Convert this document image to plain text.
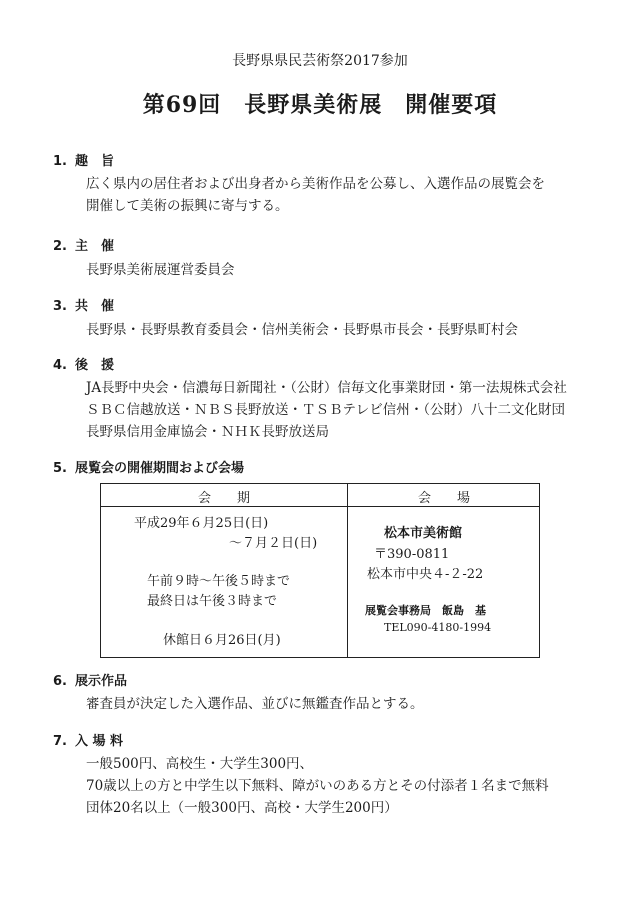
長野県県民芸術祭2017参加
第69回　長野県美術展　開催要項
1. 趣　旨
広く県内の居住者および出身者から美術作品を公募し、入選作品の展覧会を
開催して美術の振興に寄与する。
2. 主　催
長野県美術展運営委員会
3. 共　催
長野県・長野県教育委員会・信州美術会・長野県市長会・長野県町村会
4. 後　援
JA長野中央会・信濃毎日新聞社・（公財）信毎文化事業財団・第一法規株式会社
ＳＢＣ信越放送・ＮＢＳ長野放送・ＴＳＢテレビ信州・（公財）八十二文化財団
長野県信用金庫協会・ＮＨＫ長野放送局
5. 展覧会の開催期間および会場
会　　期	会　　場
平成29年６月25日(日)
～７月２日(日)
午前９時～午後５時まで
最終日は午後３時まで
休館日６月26日(月)
松本市美術館
〒390-0811
松本市中央４-２-22
展覧会事務局　飯島　基
TEL090-4180-1994
6. 展示作品
審査員が決定した入選作品、並びに無鑑査作品とする。
7. 入 場 料
一般500円、高校生・大学生300円、
70歳以上の方と中学生以下無料、障がいのある方とその付添者１名まで無料
団体20名以上（一般300円、高校・大学生200円）
